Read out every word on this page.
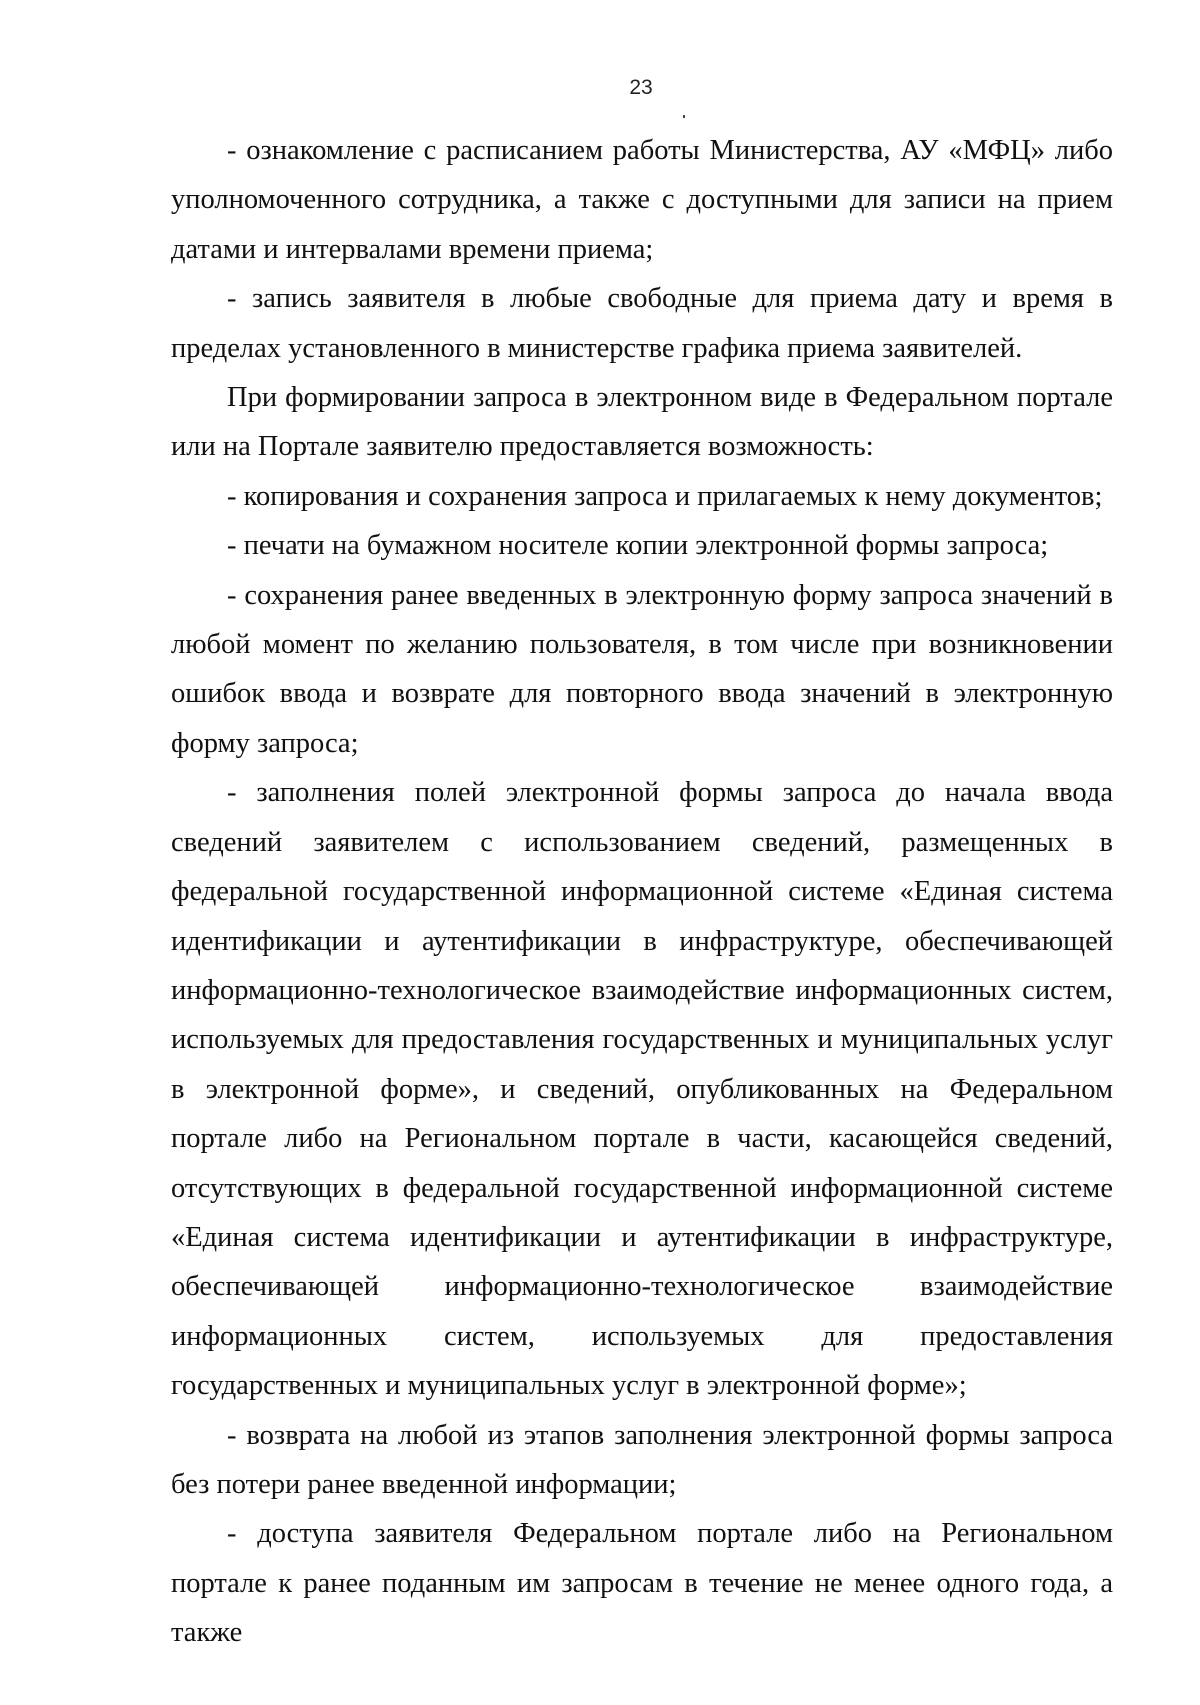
23

- ознакомление с расписанием работы Министерства, АУ «МФЦ» либо уполномоченного сотрудника, а также с доступными для записи на прием датами и интервалами времени приема;

- запись заявителя в любые свободные для приема дату и время в пределах установленного в министерстве графика приема заявителей.

При формировании запроса в электронном виде в Федеральном портале или на Портале заявителю предоставляется возможность:

- копирования и сохранения запроса и прилагаемых к нему документов;

- печати на бумажном носителе копии электронной формы запроса;

- сохранения ранее введенных в электронную форму запроса значений в любой момент по желанию пользователя, в том числе при возникновении ошибок ввода и возврате для повторного ввода значений в электронную форму запроса;

- заполнения полей электронной формы запроса до начала ввода сведений заявителем с использованием сведений, размещенных в федеральной государственной информационной системе «Единая система идентификации и аутентификации в инфраструктуре, обеспечивающей информационно-технологическое взаимодействие информационных систем, используемых для предоставления государственных и муниципальных услуг в электронной форме», и сведений, опубликованных на Федеральном портале либо на Региональном портале в части, касающейся сведений, отсутствующих в федеральной государственной информационной системе «Единая система идентификации и аутентификации в инфраструктуре, обеспечивающей информационно-технологическое взаимодействие информационных систем, используемых для предоставления государственных и муниципальных услуг в электронной форме»;

- возврата на любой из этапов заполнения электронной формы запроса без потери ранее введенной информации;

- доступа заявителя Федеральном портале либо на Региональном портале к ранее поданным им запросам в течение не менее одного года, а также
